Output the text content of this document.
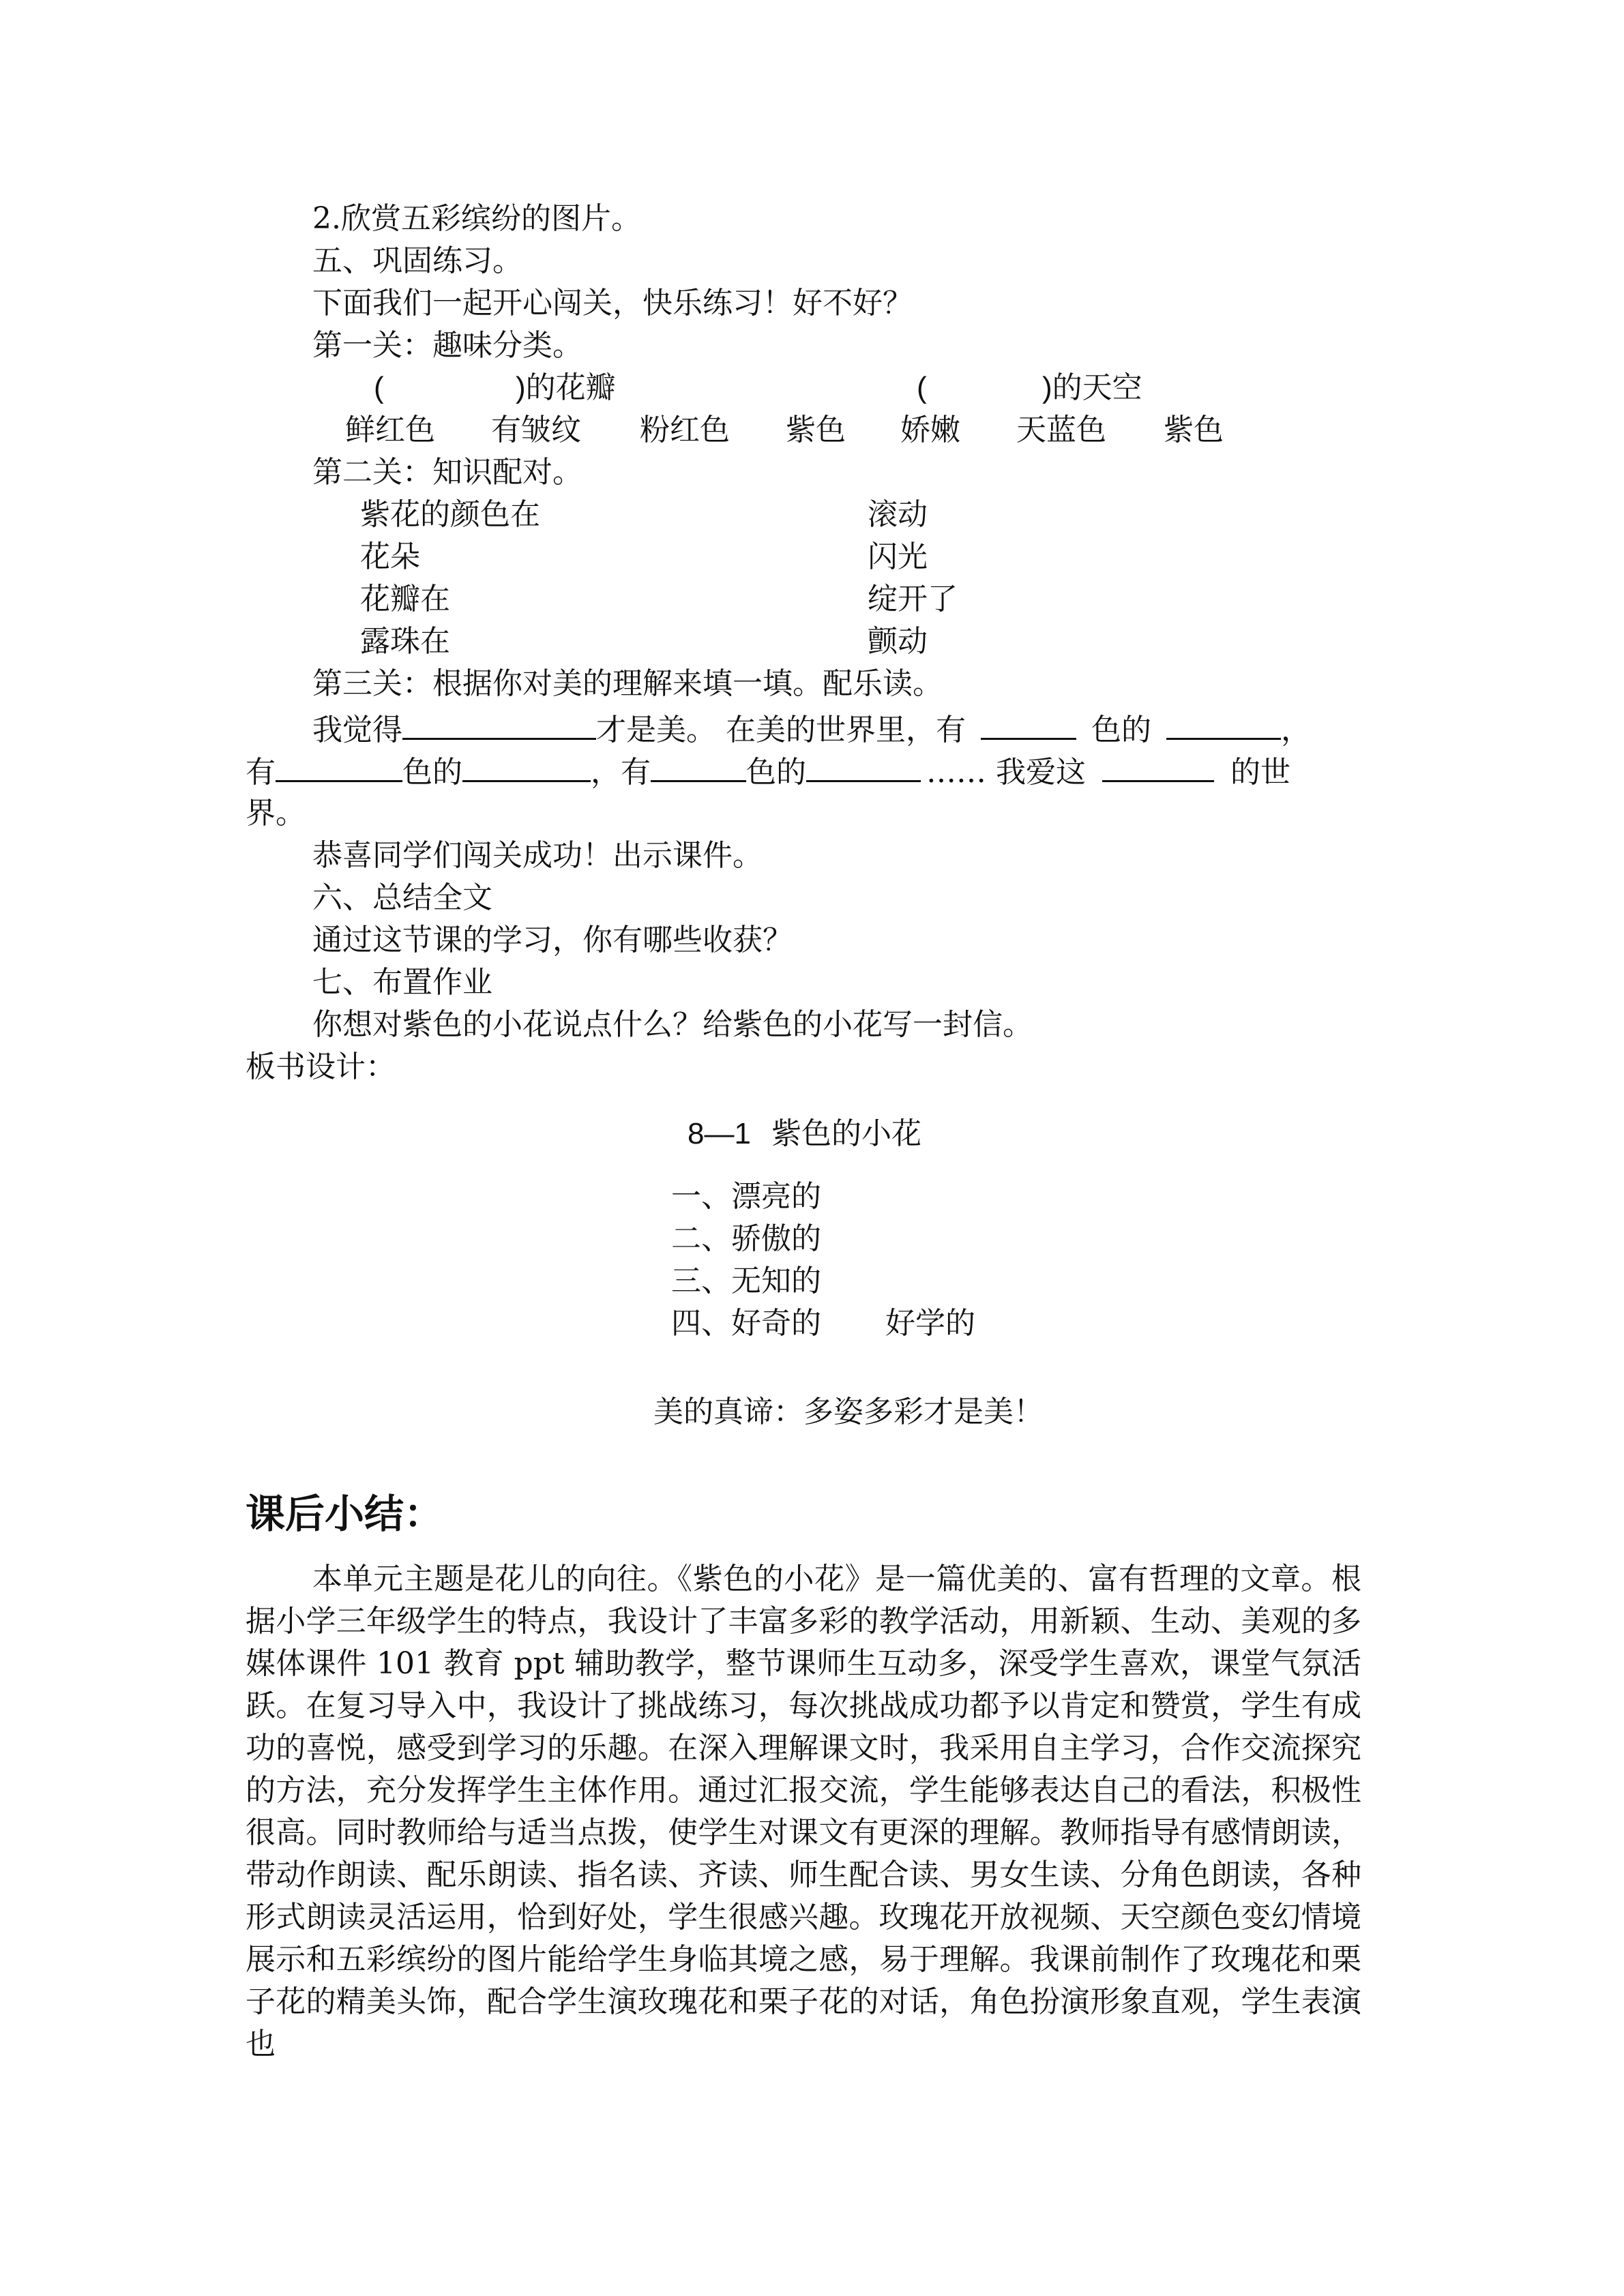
2.欣赏五彩缤纷的图片。
五、巩固练习。
下面我们一起开心闯关，快乐练习！好不好？
第一关：趣味分类。
(	)的花瓣	(	)的天空
鲜红色 有皱纹 粉红色 紫色 娇嫩 天蓝色 紫色
第二关：知识配对。
紫花的颜色在	滚动
花朵	闪光
花瓣在	绽开了
露珠在	颤动
第三关：根据你对美的理解来填一填。配乐读。
我觉得	才是美。 在美的世界里，有	色的	，
有	色的	，有	色的	…… 我爱这	的世
界。
恭喜同学们闯关成功！出示课件。
六、总结全文
通过这节课的学习，你有哪些收获？
七、布置作业
你想对紫色的小花说点什么？给紫色的小花写一封信。
板书设计：
8—1 紫色的小花
一、漂亮的
二、骄傲的
三、无知的
四、好奇的 好学的
美的真谛：多姿多彩才是美！
课后小结：
本单元主题是花儿的向往。《紫色的小花》是一篇优美的、富有哲理的文章。根据小学三年级学生的特点，我设计了丰富多彩的教学活动，用新颖、生动、美观的多媒体课件 101 教育 ppt 辅助教学，整节课师生互动多，深受学生喜欢，课堂气氛活跃。在复习导入中，我设计了挑战练习，每次挑战成功都予以肯定和赞赏，学生有成功的喜悦，感受到学习的乐趣。在深入理解课文时，我采用自主学习，合作交流探究的方法，充分发挥学生主体作用。通过汇报交流，学生能够表达自己的看法，积极性很高。同时教师给与适当点拨，使学生对课文有更深的理解。教师指导有感情朗读，带动作朗读、配乐朗读、指名读、齐读、师生配合读、男女生读、分角色朗读，各种形式朗读灵活运用，恰到好处，学生很感兴趣。玫瑰花开放视频、天空颜色变幻情境展示和五彩缤纷的图片能给学生身临其境之感，易于理解。我课前制作了玫瑰花和栗子花的精美头饰，配合学生演玫瑰花和栗子花的对话，角色扮演形象直观，学生表演也
